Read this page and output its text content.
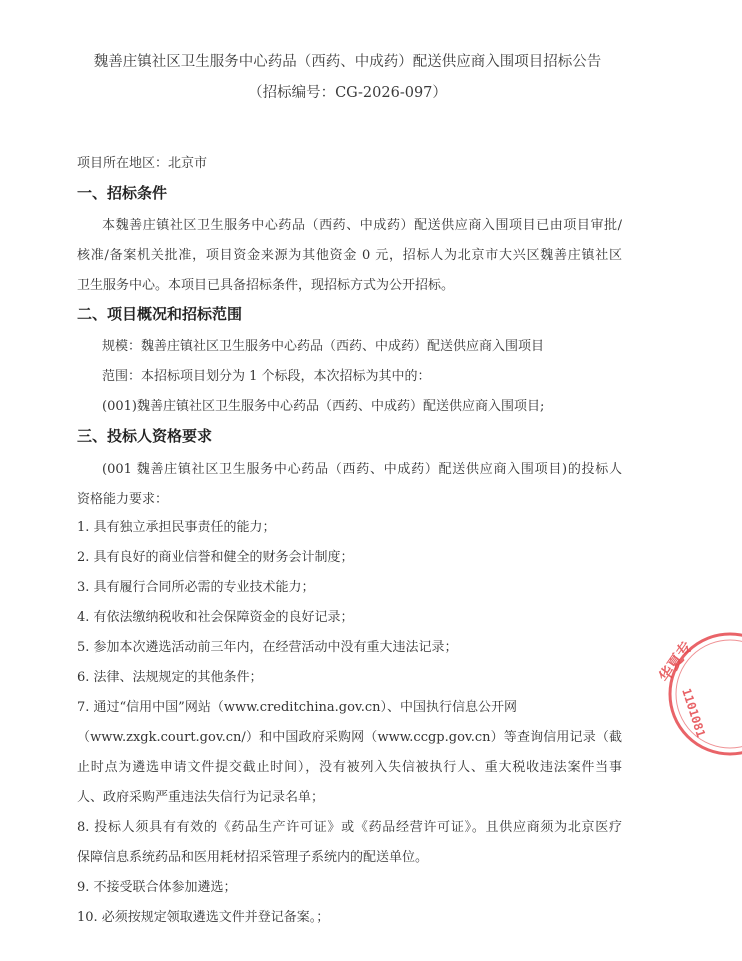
魏善庄镇社区卫生服务中心药品（西药、中成药）配送供应商入围项目招标公告
（招标编号：CG-2026-097）
项目所在地区：北京市
一、招标条件
本魏善庄镇社区卫生服务中心药品（西药、中成药）配送供应商入围项目已由项目审批/
核准/备案机关批准，项目资金来源为其他资金 0 元，招标人为北京市大兴区魏善庄镇社区
卫生服务中心。本项目已具备招标条件，现招标方式为公开招标。
二、项目概况和招标范围
规模：魏善庄镇社区卫生服务中心药品（西药、中成药）配送供应商入围项目
范围：本招标项目划分为 1 个标段，本次招标为其中的：
(001)魏善庄镇社区卫生服务中心药品（西药、中成药）配送供应商入围项目;
三、投标人资格要求
(001 魏善庄镇社区卫生服务中心药品（西药、中成药）配送供应商入围项目)的投标人
资格能力要求：
1. 具有独立承担民事责任的能力；
2. 具有良好的商业信誉和健全的财务会计制度；
3. 具有履行合同所必需的专业技术能力；
4. 有依法缴纳税收和社会保障资金的良好记录；
5. 参加本次遴选活动前三年内，在经营活动中没有重大违法记录；
6. 法律、法规规定的其他条件；
7. 通过“信用中国”网站（www.creditchina.gov.cn）、中国执行信息公开网
（www.zxgk.court.gov.cn/）和中国政府采购网（www.ccgp.gov.cn）等查询信用记录（截
止时点为遴选申请文件提交截止时间），没有被列入失信被执行人、重大税收违法案件当事
人、政府采购严重违法失信行为记录名单；
8. 投标人须具有有效的《药品生产许可证》或《药品经营许可证》。且供应商须为北京医疗
保障信息系统药品和医用耗材招采管理子系统内的配送单位。
9. 不接受联合体参加遴选；
10. 必须按规定领取遴选文件并登记备案。；
华夏专
1101081
